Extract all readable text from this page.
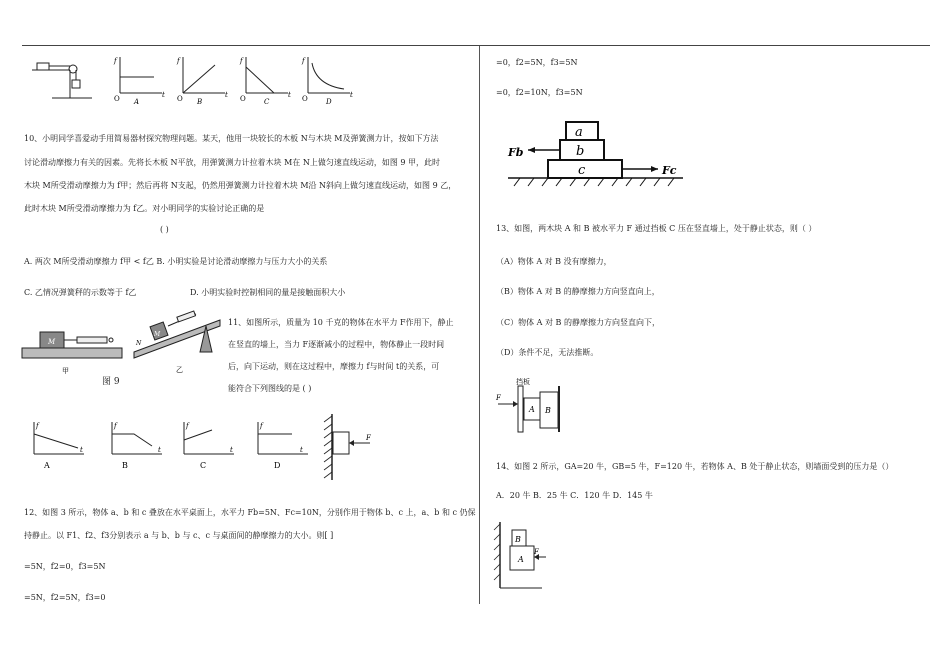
f
t
O A
f
t
O B
f
t
O	C
f
t
O	D
10、小明同学喜爱动手用简易器材探究物理问题。某天，他用一块较长的木板 N与木块 M及弹簧测力计，按如下方法
讨论滑动摩擦力有关的因素。先将长木板 N平放，用弹簧测力计拉着木块 M在 N上做匀速直线运动，如图 9 甲，此时
木块 M所受滑动摩擦力为 f甲；然后再将 N支起，仍然用弹簧测力计拉着木块 M沿 N斜向上做匀速直线运动，如图 9 乙，
此时木块 M所受滑动摩擦力为 f乙。对小明同学的实验讨论正确的是
( )
A. 两次 M所受滑动摩擦力 f甲 < f乙 B. 小明实验是讨论滑动摩擦力与压力大小的关系
C. 乙情况弹簧秤的示数等于 f乙	D. 小明实验时控制相同的量是接触面积大小
M
甲
M
N
乙
图 9
11、如图所示，质量为 10 千克的物体在水平力 F作用下，静止
在竖直的墙上，当力 F逐渐减小的过程中，物体静止一段时间
后，向下运动，则在这过程中，摩擦力 f与时间 t的关系，可
能符合下列图线的是 ( )
f
t
A
f
t
B
f
t
C
f
t
D
F
12、如图 3 所示，物体 a、b 和 c 叠放在水平桌面上，水平力 Fb=5N、Fc=10N，分别作用于物体 b、c 上，a、b 和 c 仍保
持静止。以 F1、f2、f3分别表示 a 与 b、b 与 c、c 与桌面间的静摩擦力的大小。则[ ]
=5N，f2=0，f3=5N
=5N，f2=5N，f3=0
=0，f2=5N，f3=5N
=0，f2=10N，f3=5N
a
b
c
Fb
Fc
13、如图，两木块 A 和 B 被水平力 F 通过挡板 C 压在竖直墙上，处于静止状态，则（ ）
（A）物体 A 对 B 没有摩擦力，
（B）物体 A 对 B 的静摩擦力方向竖直向上，
（C）物体 A 对 B 的静摩擦力方向竖直向下，
（D）条件不足，无法推断。
挡板
F
A B
14、如图 2 所示，GA=20 牛，GB=5 牛，F=120 牛，若物体 A、B 处于静止状态，则墙面受到的压力是（）
A．20 牛 B．25 牛 C．120 牛 D．145 牛
B
A
F
